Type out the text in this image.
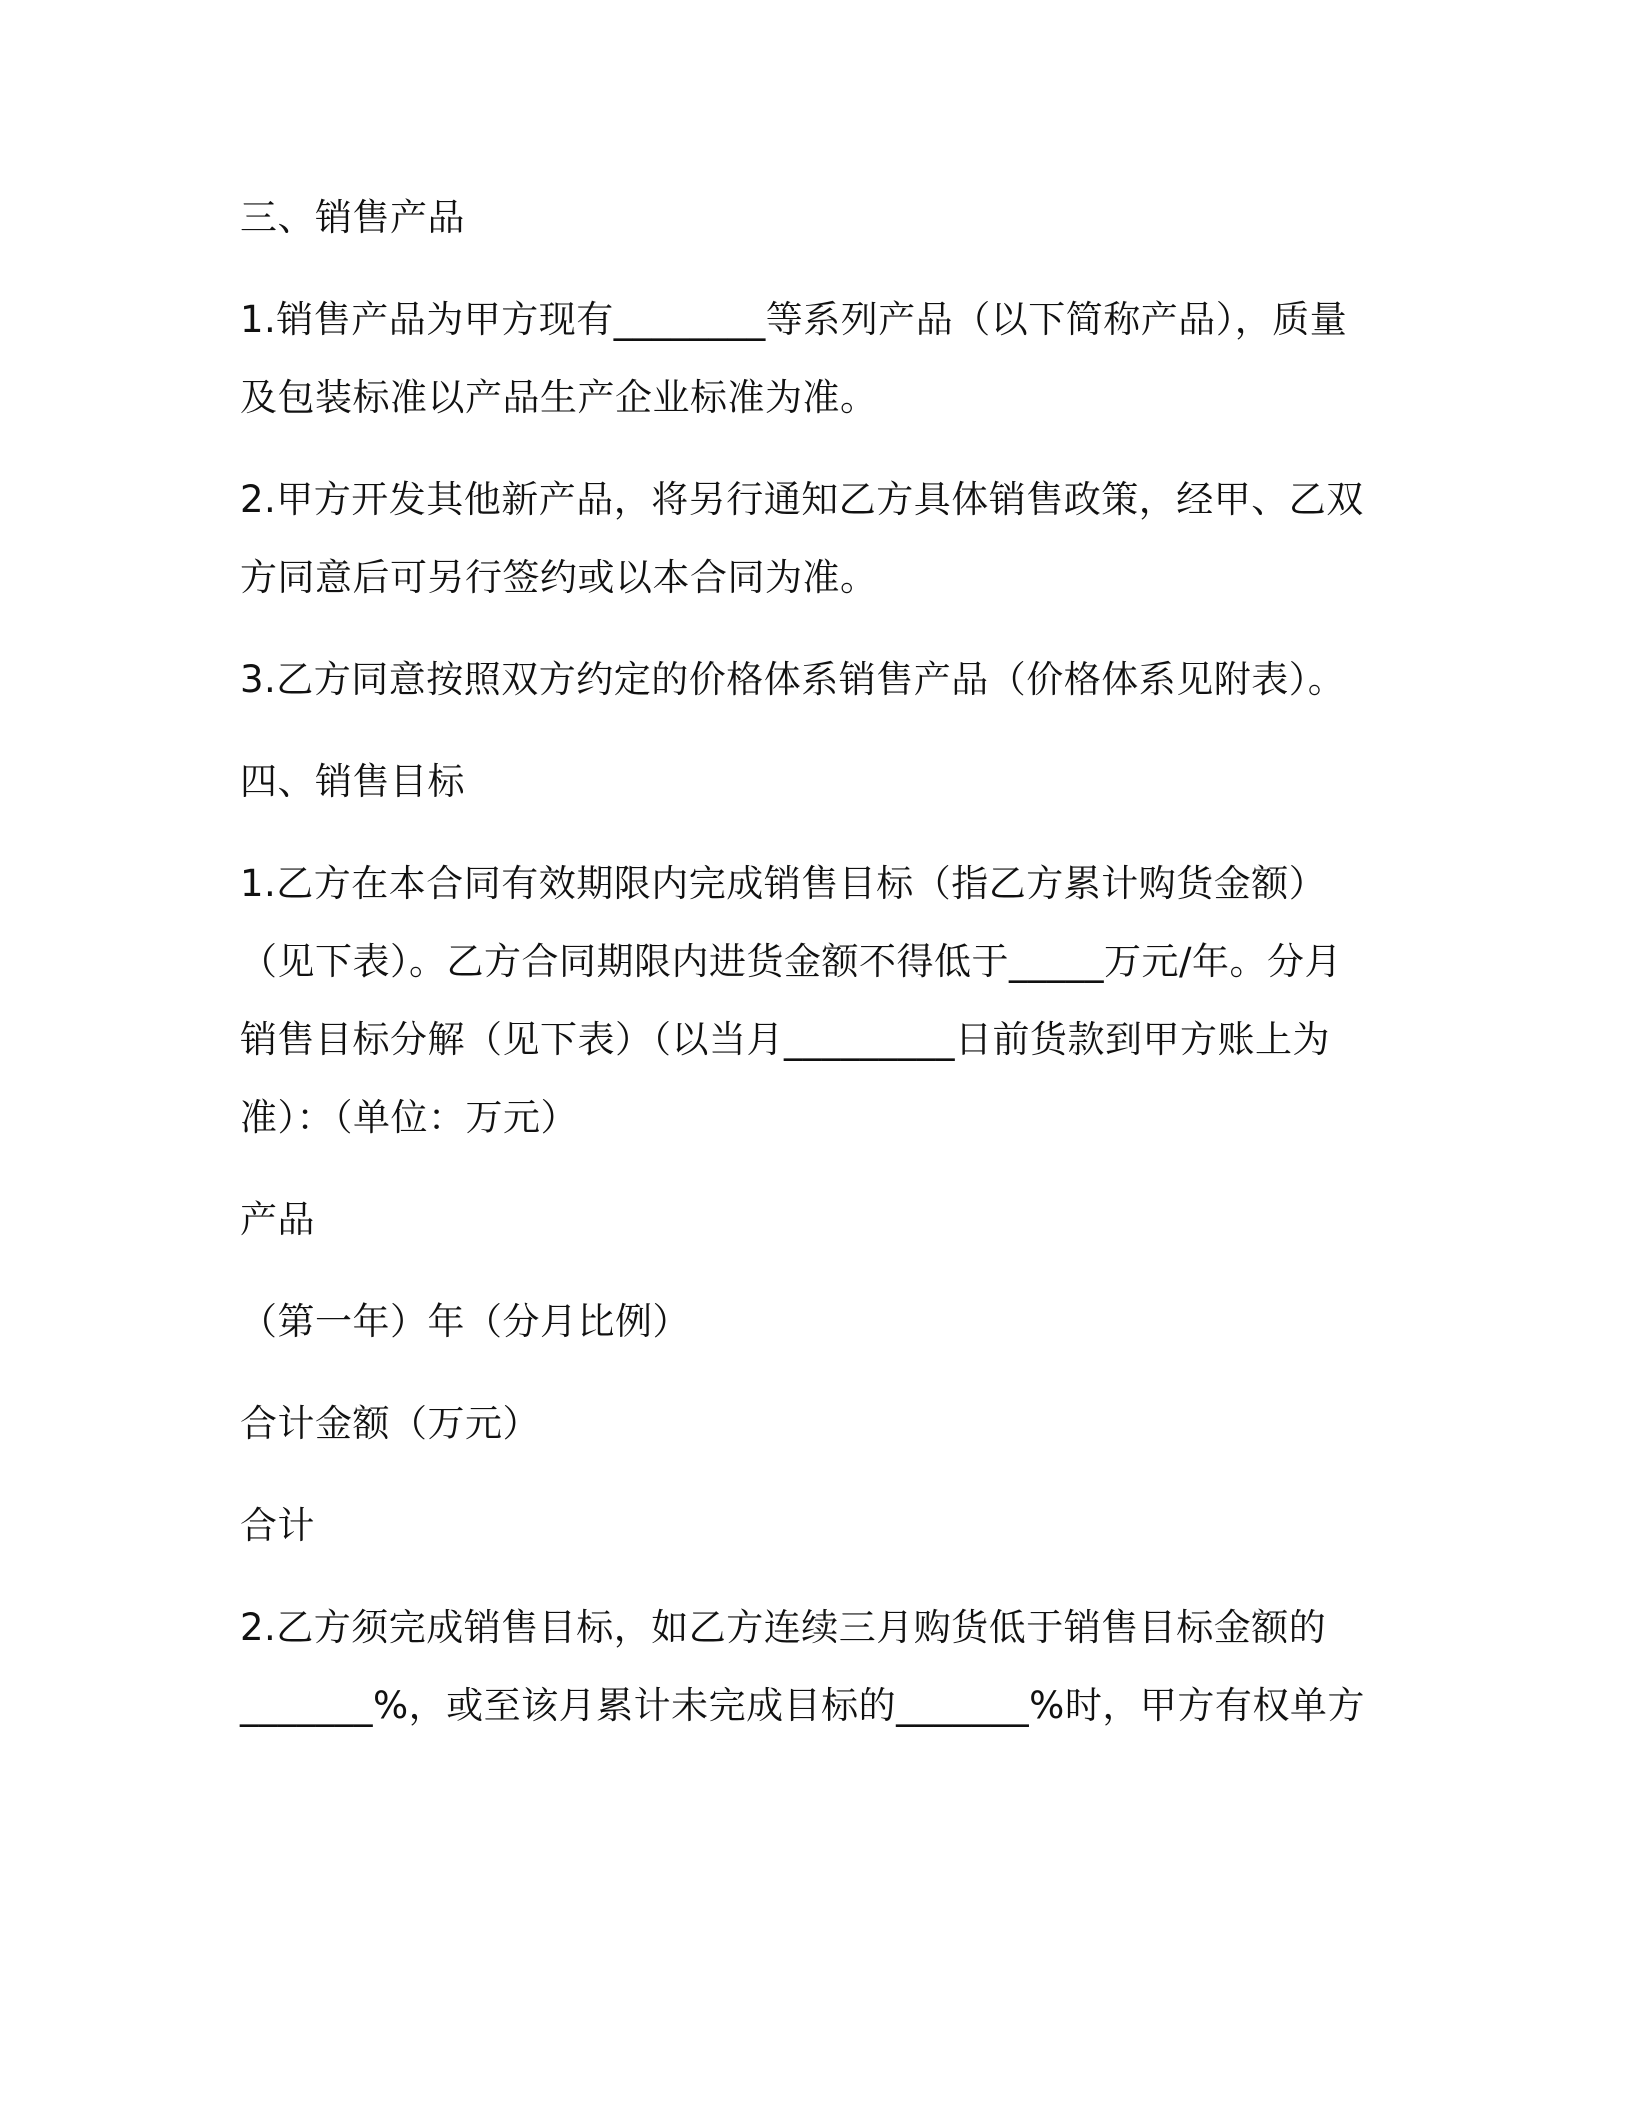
三、销售产品
1.销售产品为甲方现有________等系列产品（以下简称产品），质量
及包装标准以产品生产企业标准为准。
2.甲方开发其他新产品，将另行通知乙方具体销售政策，经甲、乙双
方同意后可另行签约或以本合同为准。
3.乙方同意按照双方约定的价格体系销售产品（价格体系见附表）。
四、销售目标
1.乙方在本合同有效期限内完成销售目标（指乙方累计购货金额）
（见下表）。乙方合同期限内进货金额不得低于_____万元/年。分月
销售目标分解（见下表）（以当月_________日前货款到甲方账上为
准）：（单位：万元）
产品
（第一年）年（分月比例）
合计金额（万元）
合计
2.乙方须完成销售目标，如乙方连续三月购货低于销售目标金额的
_______%，或至该月累计未完成目标的_______%时，甲方有权单方
